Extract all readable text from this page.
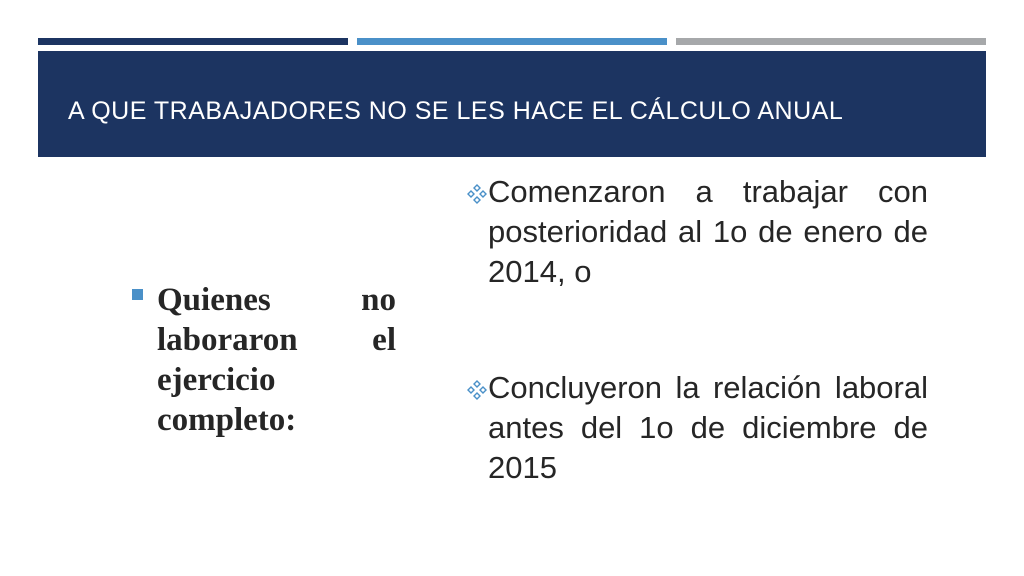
A QUE TRABAJADORES NO SE LES HACE EL CÁLCULO ANUAL
Quienes no laboraron el ejercicio completo:
Comenzaron a trabajar con posterioridad al 1o de enero de 2014, o
Concluyeron la relación laboral antes del 1o de diciembre de 2015
